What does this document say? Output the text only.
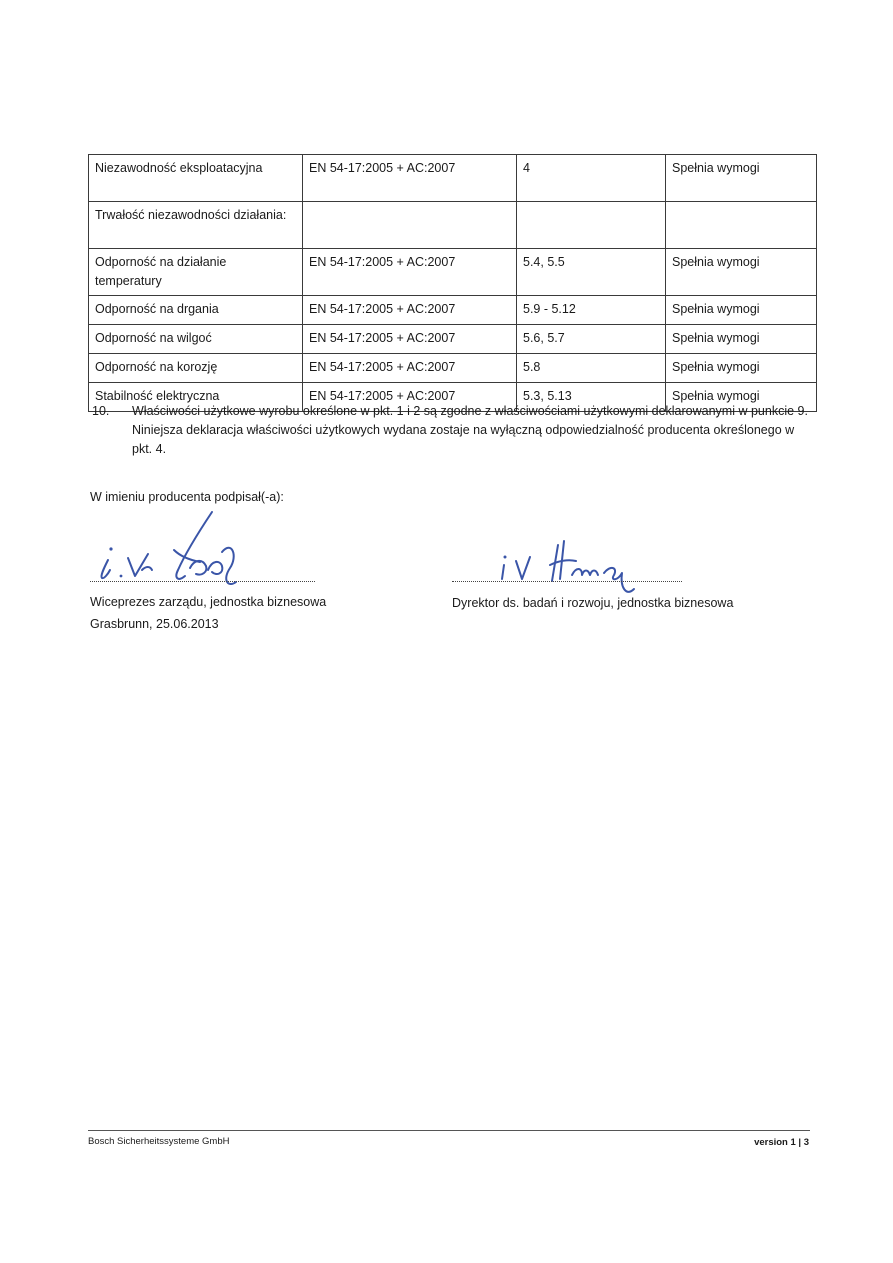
Niezawodność eksploatacyjna	EN 54-17:2005 + AC:2007	4	Spełnia wymogi
Trwałość niezawodności działania:			
Odporność na działanie temperatury	EN 54-17:2005 + AC:2007	5.4, 5.5	Spełnia wymogi
Odporność na drgania	EN 54-17:2005 + AC:2007	5.9 - 5.12	Spełnia wymogi
Odporność na wilgoć	EN 54-17:2005 + AC:2007	5.6, 5.7	Spełnia wymogi
Odporność na korozję	EN 54-17:2005 + AC:2007	5.8	Spełnia wymogi
Stabilność elektryczna	EN 54-17:2005 + AC:2007	5.3, 5.13	Spełnia wymogi
10. Właściwości użytkowe wyrobu określone w pkt. 1 i 2 są zgodne z właściwościami użytkowymi deklarowanymi w punkcie 9.

Niniejsza deklaracja właściwości użytkowych wydana zostaje na wyłączną odpowiedzialność producenta określonego w pkt. 4.

W imieniu producenta podpisał(-a):
Wiceprezes zarządu, jednostka biznesowa
Grasbrunn, 25.06.2013
Dyrektor ds. badań i rozwoju, jednostka biznesowa
Bosch Sicherheitssysteme GmbH	version 1 | 3
